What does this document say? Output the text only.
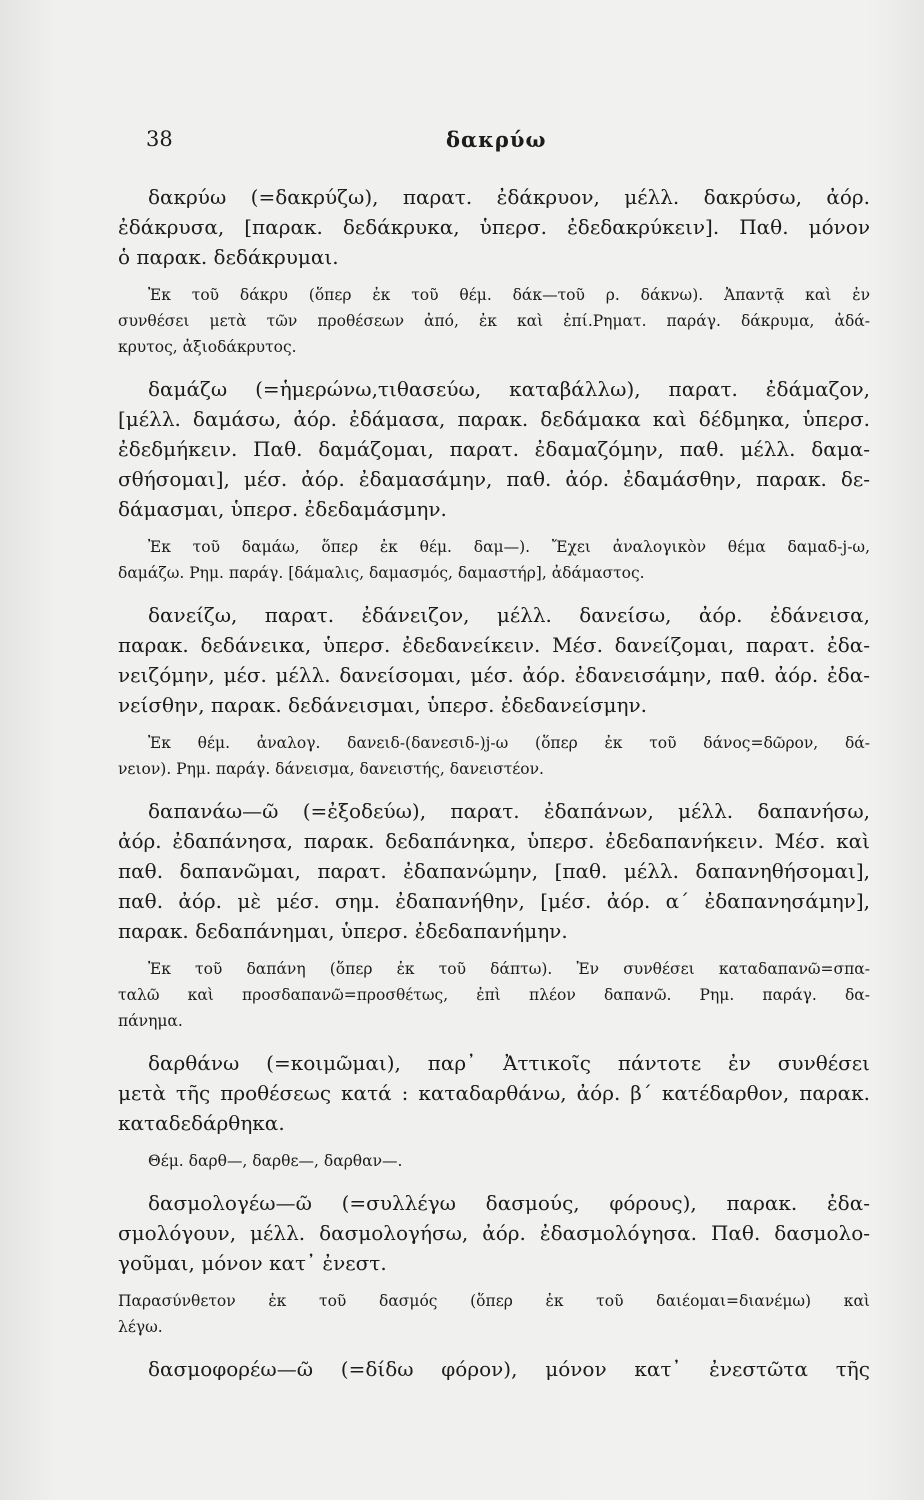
38	δακρύω
δακρύω (=δακρύζω), παρατ. ἐδάκρυον, μέλλ. δακρύσω, ἀόρ.
ἐδάκρυσα, [παρακ. δεδάκρυκα, ὑπερσ. ἐδεδακρύκειν]. Παθ. μόνον
ὁ παρακ. δεδάκρυμαι.
Ἐκ τοῦ δάκρυ (ὅπερ ἐκ τοῦ θέμ. δάκ—τοῦ ρ. δάκνω). Ἀπαντᾷ καὶ ἐν
συνθέσει μετὰ τῶν προθέσεων ἀπό, ἐκ καὶ ἐπί.Ρηματ. παράγ. δάκρυμα, ἀδά-
κρυτος, ἀξιοδάκρυτος.
δαμάζω (=ἡμερώνω,τιθασεύω, καταβάλλω), παρατ. ἐδάμαζον,
[μέλλ. δαμάσω, ἀόρ. ἐδάμασα, παρακ. δεδάμακα καὶ δέδμηκα, ὑπερσ.
ἐδεδμήκειν. Παθ. δαμάζομαι, παρατ. ἐδαμαζόμην, παθ. μέλλ. δαμα-
σθήσομαι], μέσ. ἀόρ. ἐδαμασάμην, παθ. ἀόρ. ἐδαμάσθην, παρακ. δε-
δάμασμαι, ὑπερσ. ἐδεδαμάσμην.
Ἐκ τοῦ δαμάω, ὅπερ ἐκ θέμ. δαμ—). Ἔχει ἀναλογικὸν θέμα δαμαδ-j-ω,
δαμάζω. Ρημ. παράγ. [δάμαλις, δαμασμός, δαμαστήρ], ἀδάμαστος.
δανείζω, παρατ. ἐδάνειζον, μέλλ. δανείσω, ἀόρ. ἐδάνεισα,
παρακ. δεδάνεικα, ὑπερσ. ἐδεδανείκειν. Μέσ. δανείζομαι, παρατ. ἐδα-
νειζόμην, μέσ. μέλλ. δανείσομαι, μέσ. ἀόρ. ἐδανεισάμην, παθ. ἀόρ. ἐδα-
νείσθην, παρακ. δεδάνεισμαι, ὑπερσ. ἐδεδανείσμην.
Ἐκ θέμ. ἀναλογ. δανειδ-(δανεσιδ-)j-ω (ὅπερ ἐκ τοῦ δάνος=δῶρον, δά-
νειον). Ρημ. παράγ. δάνεισμα, δανειστής, δανειστέον.
δαπανάω—ῶ (=ἐξοδεύω), παρατ. ἐδαπάνων, μέλλ. δαπανήσω,
ἀόρ. ἐδαπάνησα, παρακ. δεδαπάνηκα, ὑπερσ. ἐδεδαπανήκειν. Μέσ. καὶ
παθ. δαπανῶμαι, παρατ. ἐδαπανώμην, [παθ. μέλλ. δαπανηθήσομαι],
παθ. ἀόρ. μὲ μέσ. σημ. ἐδαπανήθην, [μέσ. ἀόρ. α΄ ἐδαπανησάμην],
παρακ. δεδαπάνημαι, ὑπερσ. ἐδεδαπανήμην.
Ἐκ τοῦ δαπάνη (ὅπερ ἐκ τοῦ δάπτω). Ἐν συνθέσει καταδαπανῶ=σπα-
ταλῶ καὶ προσδαπανῶ=προσθέτως, ἐπὶ πλέον δαπανῶ. Ρημ. παράγ. δα-
πάνημα.
δαρθάνω (=κοιμῶμαι), παρ᾽ Ἀττικοῖς πάντοτε ἐν συνθέσει
μετὰ τῆς προθέσεως κατά : καταδαρθάνω, ἀόρ. β΄ κατέδαρθον, παρακ.
καταδεδάρθηκα.
Θέμ. δαρθ—, δαρθε—, δαρθαν—.
δασμολογέω—ῶ (=συλλέγω δασμούς, φόρους), παρακ. ἐδα-
σμολόγουν, μέλλ. δασμολογήσω, ἀόρ. ἐδασμολόγησα. Παθ. δασμολο-
γοῦμαι, μόνον κατ᾽ ἐνεστ.
Παρασύνθετον ἐκ τοῦ δασμός (ὅπερ ἐκ τοῦ δαιέομαι=διανέμω) καὶ
λέγω.
δασμοφορέω—ῶ (=δίδω φόρον), μόνον κατ᾽ ἐνεστῶτα τῆς
